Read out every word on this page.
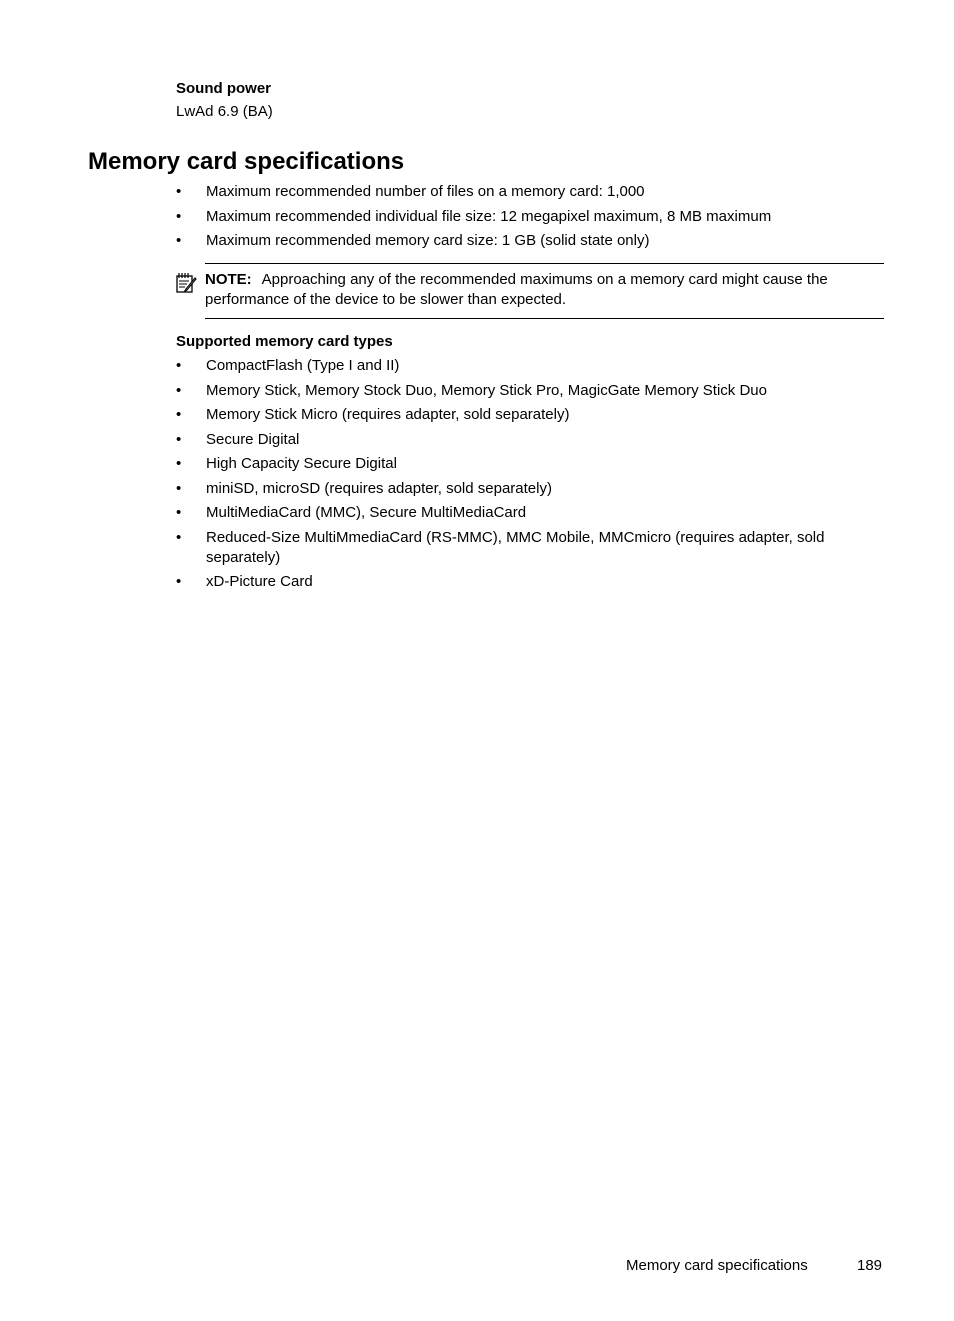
Sound power
LwAd 6.9 (BA)
Memory card specifications
• Maximum recommended number of files on a memory card: 1,000
• Maximum recommended individual file size: 12 megapixel maximum, 8 MB maximum
• Maximum recommended memory card size: 1 GB (solid state only)
NOTE: Approaching any of the recommended maximums on a memory card might cause the performance of the device to be slower than expected.
Supported memory card types
• CompactFlash (Type I and II)
• Memory Stick, Memory Stock Duo, Memory Stick Pro, MagicGate Memory Stick Duo
• Memory Stick Micro (requires adapter, sold separately)
• Secure Digital
• High Capacity Secure Digital
• miniSD, microSD (requires adapter, sold separately)
• MultiMediaCard (MMC), Secure MultiMediaCard
• Reduced-Size MultiMmediaCard (RS-MMC), MMC Mobile, MMCmicro (requires adapter, sold separately)
• xD-Picture Card
Memory card specifications	189
